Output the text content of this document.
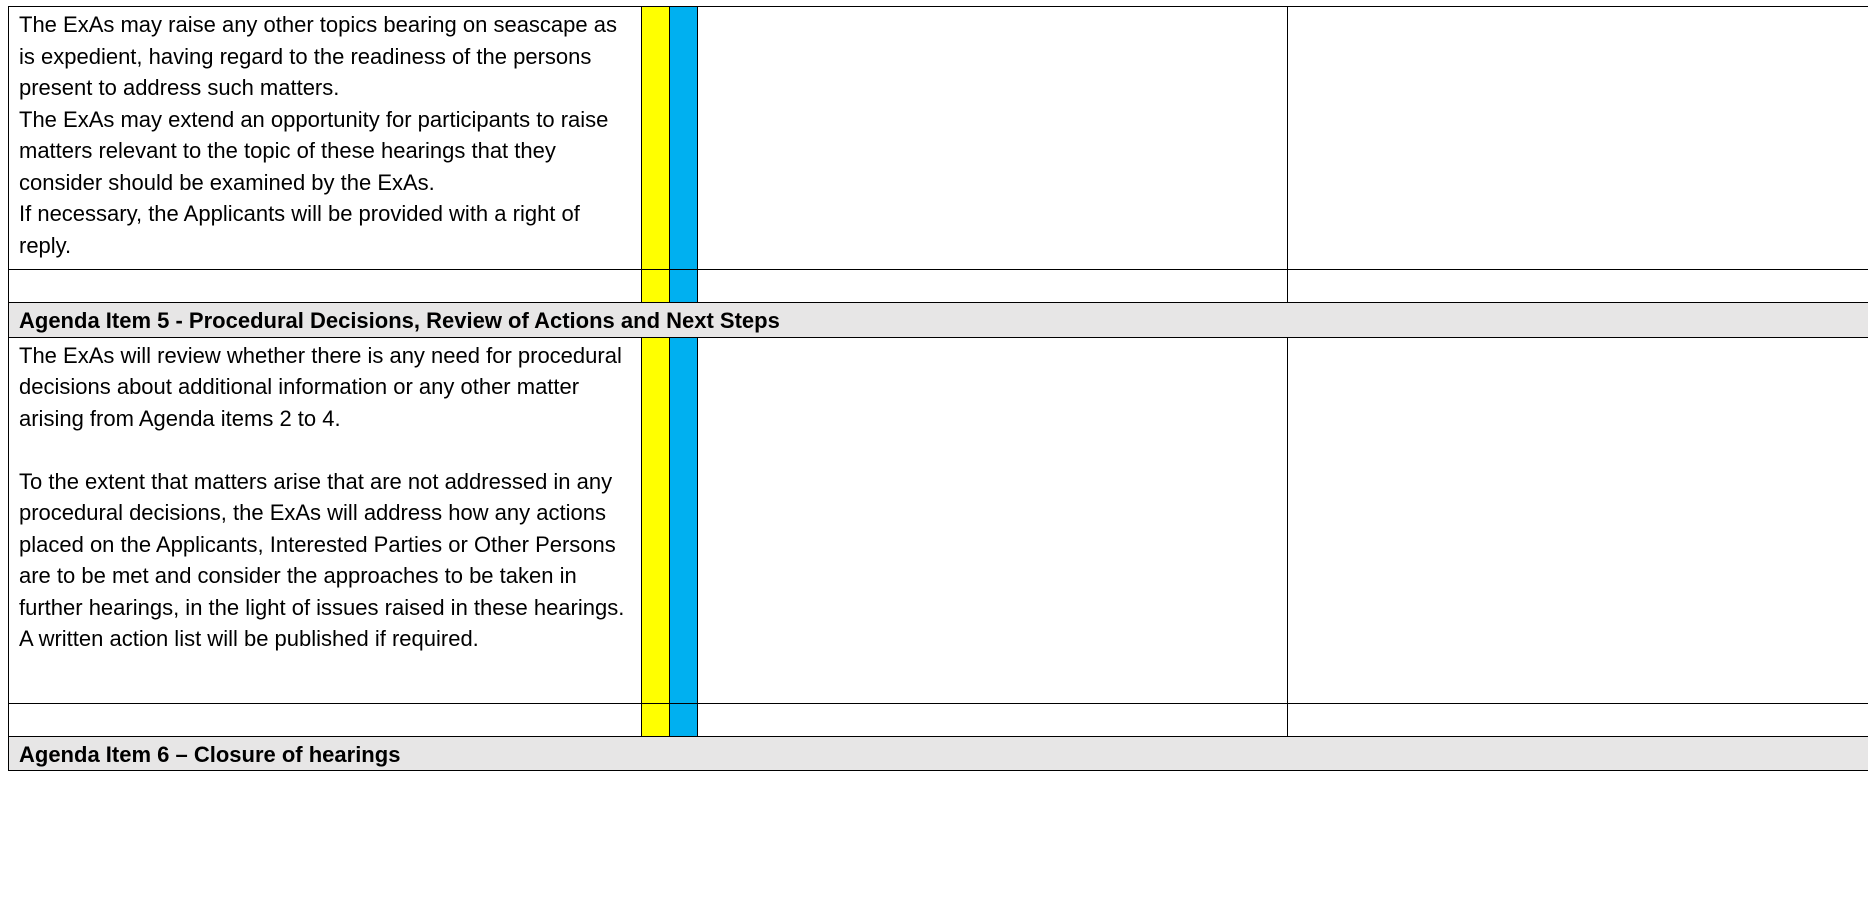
The ExAs may raise any other topics bearing on seascape as is expedient, having regard to the readiness of the persons present to address such matters.
The ExAs may extend an opportunity for participants to raise matters relevant to the topic of these hearings that they consider should be examined by the ExAs.
If necessary, the Applicants will be provided with a right of reply.				

Agenda Item 5 - Procedural Decisions, Review of Actions and Next Steps				

The ExAs will review whether there is any need for procedural decisions about additional information or any other matter arising from Agenda items 2 to 4.
To the extent that matters arise that are not addressed in any procedural decisions, the ExAs will address how any actions placed on the Applicants, Interested Parties or Other Persons are to be met and consider the approaches to be taken in further hearings, in the light of issues raised in these hearings. A written action list will be published if required.				

Agenda Item 6 – Closure of hearings				
